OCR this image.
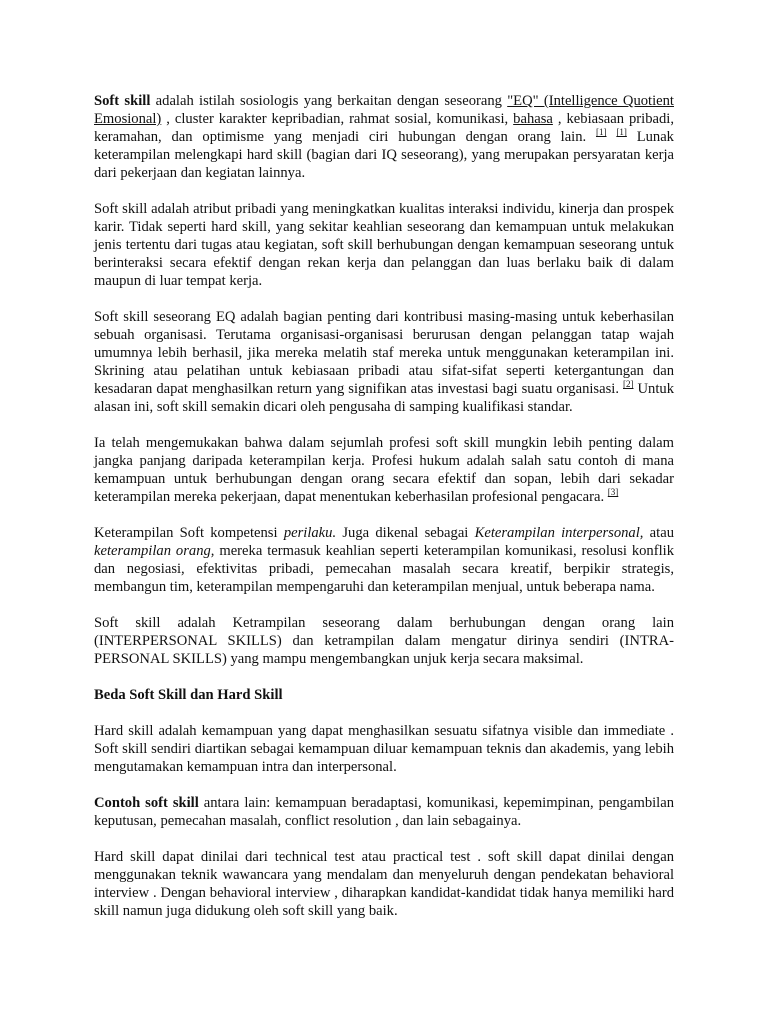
Soft skill adalah istilah sosiologis yang berkaitan dengan seseorang "EQ" (Intelligence Quotient Emosional) , cluster karakter kepribadian, rahmat sosial, komunikasi, bahasa , kebiasaan pribadi, keramahan, dan optimisme yang menjadi ciri hubungan dengan orang lain. [1] [1] Lunak keterampilan melengkapi hard skill (bagian dari IQ seseorang), yang merupakan persyaratan kerja dari pekerjaan dan kegiatan lainnya.

Soft skill adalah atribut pribadi yang meningkatkan kualitas interaksi individu, kinerja dan prospek karir. Tidak seperti hard skill, yang sekitar keahlian seseorang dan kemampuan untuk melakukan jenis tertentu dari tugas atau kegiatan, soft skill berhubungan dengan kemampuan seseorang untuk berinteraksi secara efektif dengan rekan kerja dan pelanggan dan luas berlaku baik di dalam maupun di luar tempat kerja.

Soft skill seseorang EQ adalah bagian penting dari kontribusi masing-masing untuk keberhasilan sebuah organisasi. Terutama organisasi-organisasi berurusan dengan pelanggan tatap wajah umumnya lebih berhasil, jika mereka melatih staf mereka untuk menggunakan keterampilan ini. Skrining atau pelatihan untuk kebiasaan pribadi atau sifat-sifat seperti ketergantungan dan kesadaran dapat menghasilkan return yang signifikan atas investasi bagi suatu organisasi. [2] Untuk alasan ini, soft skill semakin dicari oleh pengusaha di samping kualifikasi standar.

Ia telah mengemukakan bahwa dalam sejumlah profesi soft skill mungkin lebih penting dalam jangka panjang daripada keterampilan kerja. Profesi hukum adalah salah satu contoh di mana kemampuan untuk berhubungan dengan orang secara efektif dan sopan, lebih dari sekadar keterampilan mereka pekerjaan, dapat menentukan keberhasilan profesional pengacara. [3]

Keterampilan Soft kompetensi perilaku. Juga dikenal sebagai Keterampilan interpersonal, atau keterampilan orang, mereka termasuk keahlian seperti keterampilan komunikasi, resolusi konflik dan negosiasi, efektivitas pribadi, pemecahan masalah secara kreatif, berpikir strategis, membangun tim, keterampilan mempengaruhi dan keterampilan menjual, untuk beberapa nama.

Soft skill adalah Ketrampilan seseorang dalam berhubungan dengan orang lain (INTERPERSONAL SKILLS) dan ketrampilan dalam mengatur dirinya sendiri (INTRA-PERSONAL SKILLS) yang mampu mengembangkan unjuk kerja secara maksimal.

Beda Soft Skill dan Hard Skill

Hard skill adalah kemampuan yang dapat menghasilkan sesuatu sifatnya visible dan immediate . Soft skill sendiri diartikan sebagai kemampuan diluar kemampuan teknis dan akademis, yang lebih mengutamakan kemampuan intra dan interpersonal.

Contoh soft skill antara lain: kemampuan beradaptasi, komunikasi, kepemimpinan, pengambilan keputusan, pemecahan masalah, conflict resolution , dan lain sebagainya.

Hard skill dapat dinilai dari technical test atau practical test . soft skill dapat dinilai dengan menggunakan teknik wawancara yang mendalam dan menyeluruh dengan pendekatan behavioral interview . Dengan behavioral interview , diharapkan kandidat-kandidat tidak hanya memiliki hard skill namun juga didukung oleh soft skill yang baik.
